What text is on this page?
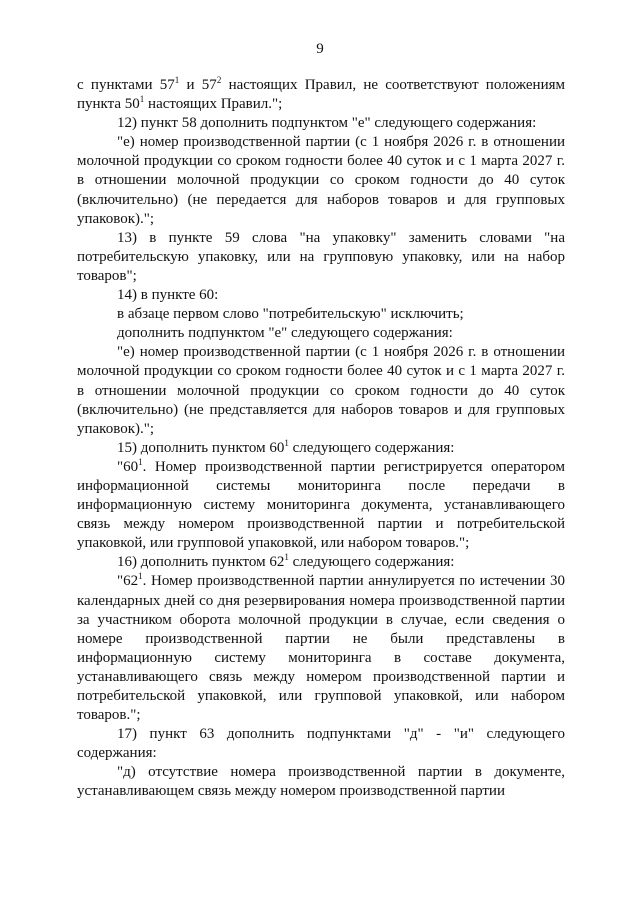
9

с пунктами $57^1$ и $57^2$ настоящих Правил, не соответствуют положениям пункта $50^1$ настоящих Правил.";

12) пункт 58 дополнить подпунктом "е" следующего содержания:

"е) номер производственной партии (с 1 ноября 2026 г. в отношении молочной продукции со сроком годности более 40 суток и с 1 марта 2027 г. в отношении молочной продукции со сроком годности до 40 суток (включительно) (не передается для наборов товаров и для групповых упаковок).";

13) в пункте 59 слова "на упаковку" заменить словами "на потребительскую упаковку, или на групповую упаковку, или на набор товаров";

14) в пункте 60:

в абзаце первом слово "потребительскую" исключить;

дополнить подпунктом "е" следующего содержания:

"е) номер производственной партии (с 1 ноября 2026 г. в отношении молочной продукции со сроком годности более 40 суток и с 1 марта 2027 г. в отношении молочной продукции со сроком годности до 40 суток (включительно) (не представляется для наборов товаров и для групповых упаковок).";

15) дополнить пунктом $60^1$ следующего содержания:

"$60^1$. Номер производственной партии регистрируется оператором информационной системы мониторинга после передачи в информационную систему мониторинга документа, устанавливающего связь между номером производственной партии и потребительской упаковкой, или групповой упаковкой, или набором товаров.";

16) дополнить пунктом $62^1$ следующего содержания:

"$62^1$. Номер производственной партии аннулируется по истечении 30 календарных дней со дня резервирования номера производственной партии за участником оборота молочной продукции в случае, если сведения о номере производственной партии не были представлены в информационную систему мониторинга в составе документа, устанавливающего связь между номером производственной партии и потребительской упаковкой, или групповой упаковкой, или набором товаров.";

17) пункт 63 дополнить подпунктами "д" - "и" следующего содержания:

"д) отсутствие номера производственной партии в документе, устанавливающем связь между номером производственной партии
